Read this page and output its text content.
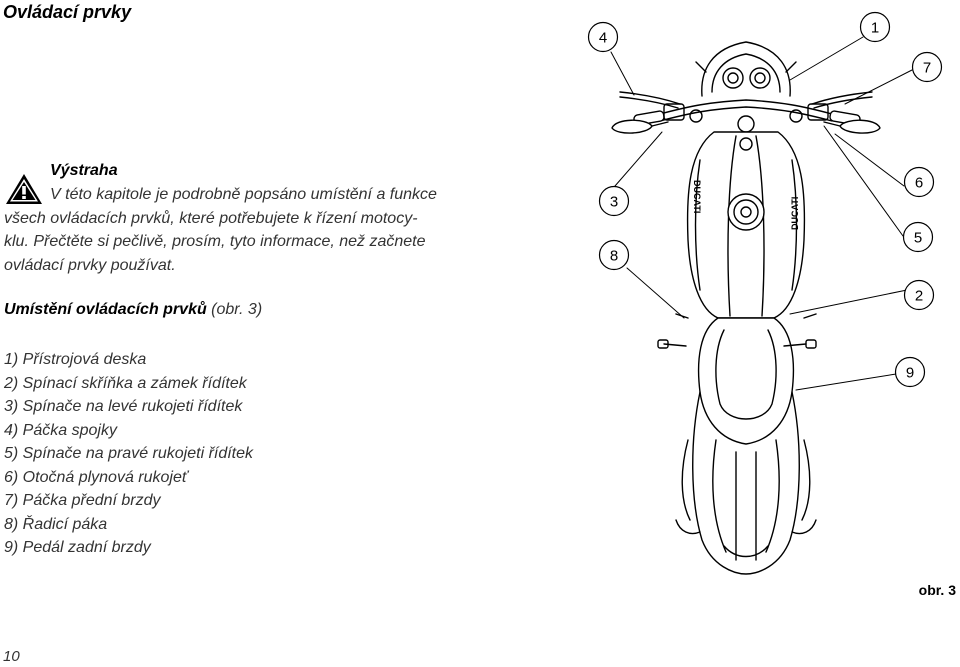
Ovládací prvky
Výstraha

V této kapitole je podrobně popsáno umístění a funkce
všech ovládacích prvků, které potřebujete k řízení motocy-
klu. Přečtěte si pečlivě, prosím, tyto informace, než začnete
ovládací prvky používat.

Umístění ovládacích prvků (obr. 3)

1) Přístrojová deska
2) Spínací skříňka a zámek řídítek
3) Spínače na levé rukojeti řídítek
4) Páčka spojky
5) Spínače na pravé rukojeti řídítek
6) Otočná plynová rukojeť
7) Páčka přední brzdy
8) Řadicí páka
9) Pedál zadní brzdy
DUCATI
DUCATI
4
1
7
3
6
8
5
2
9
obr. 3
10
